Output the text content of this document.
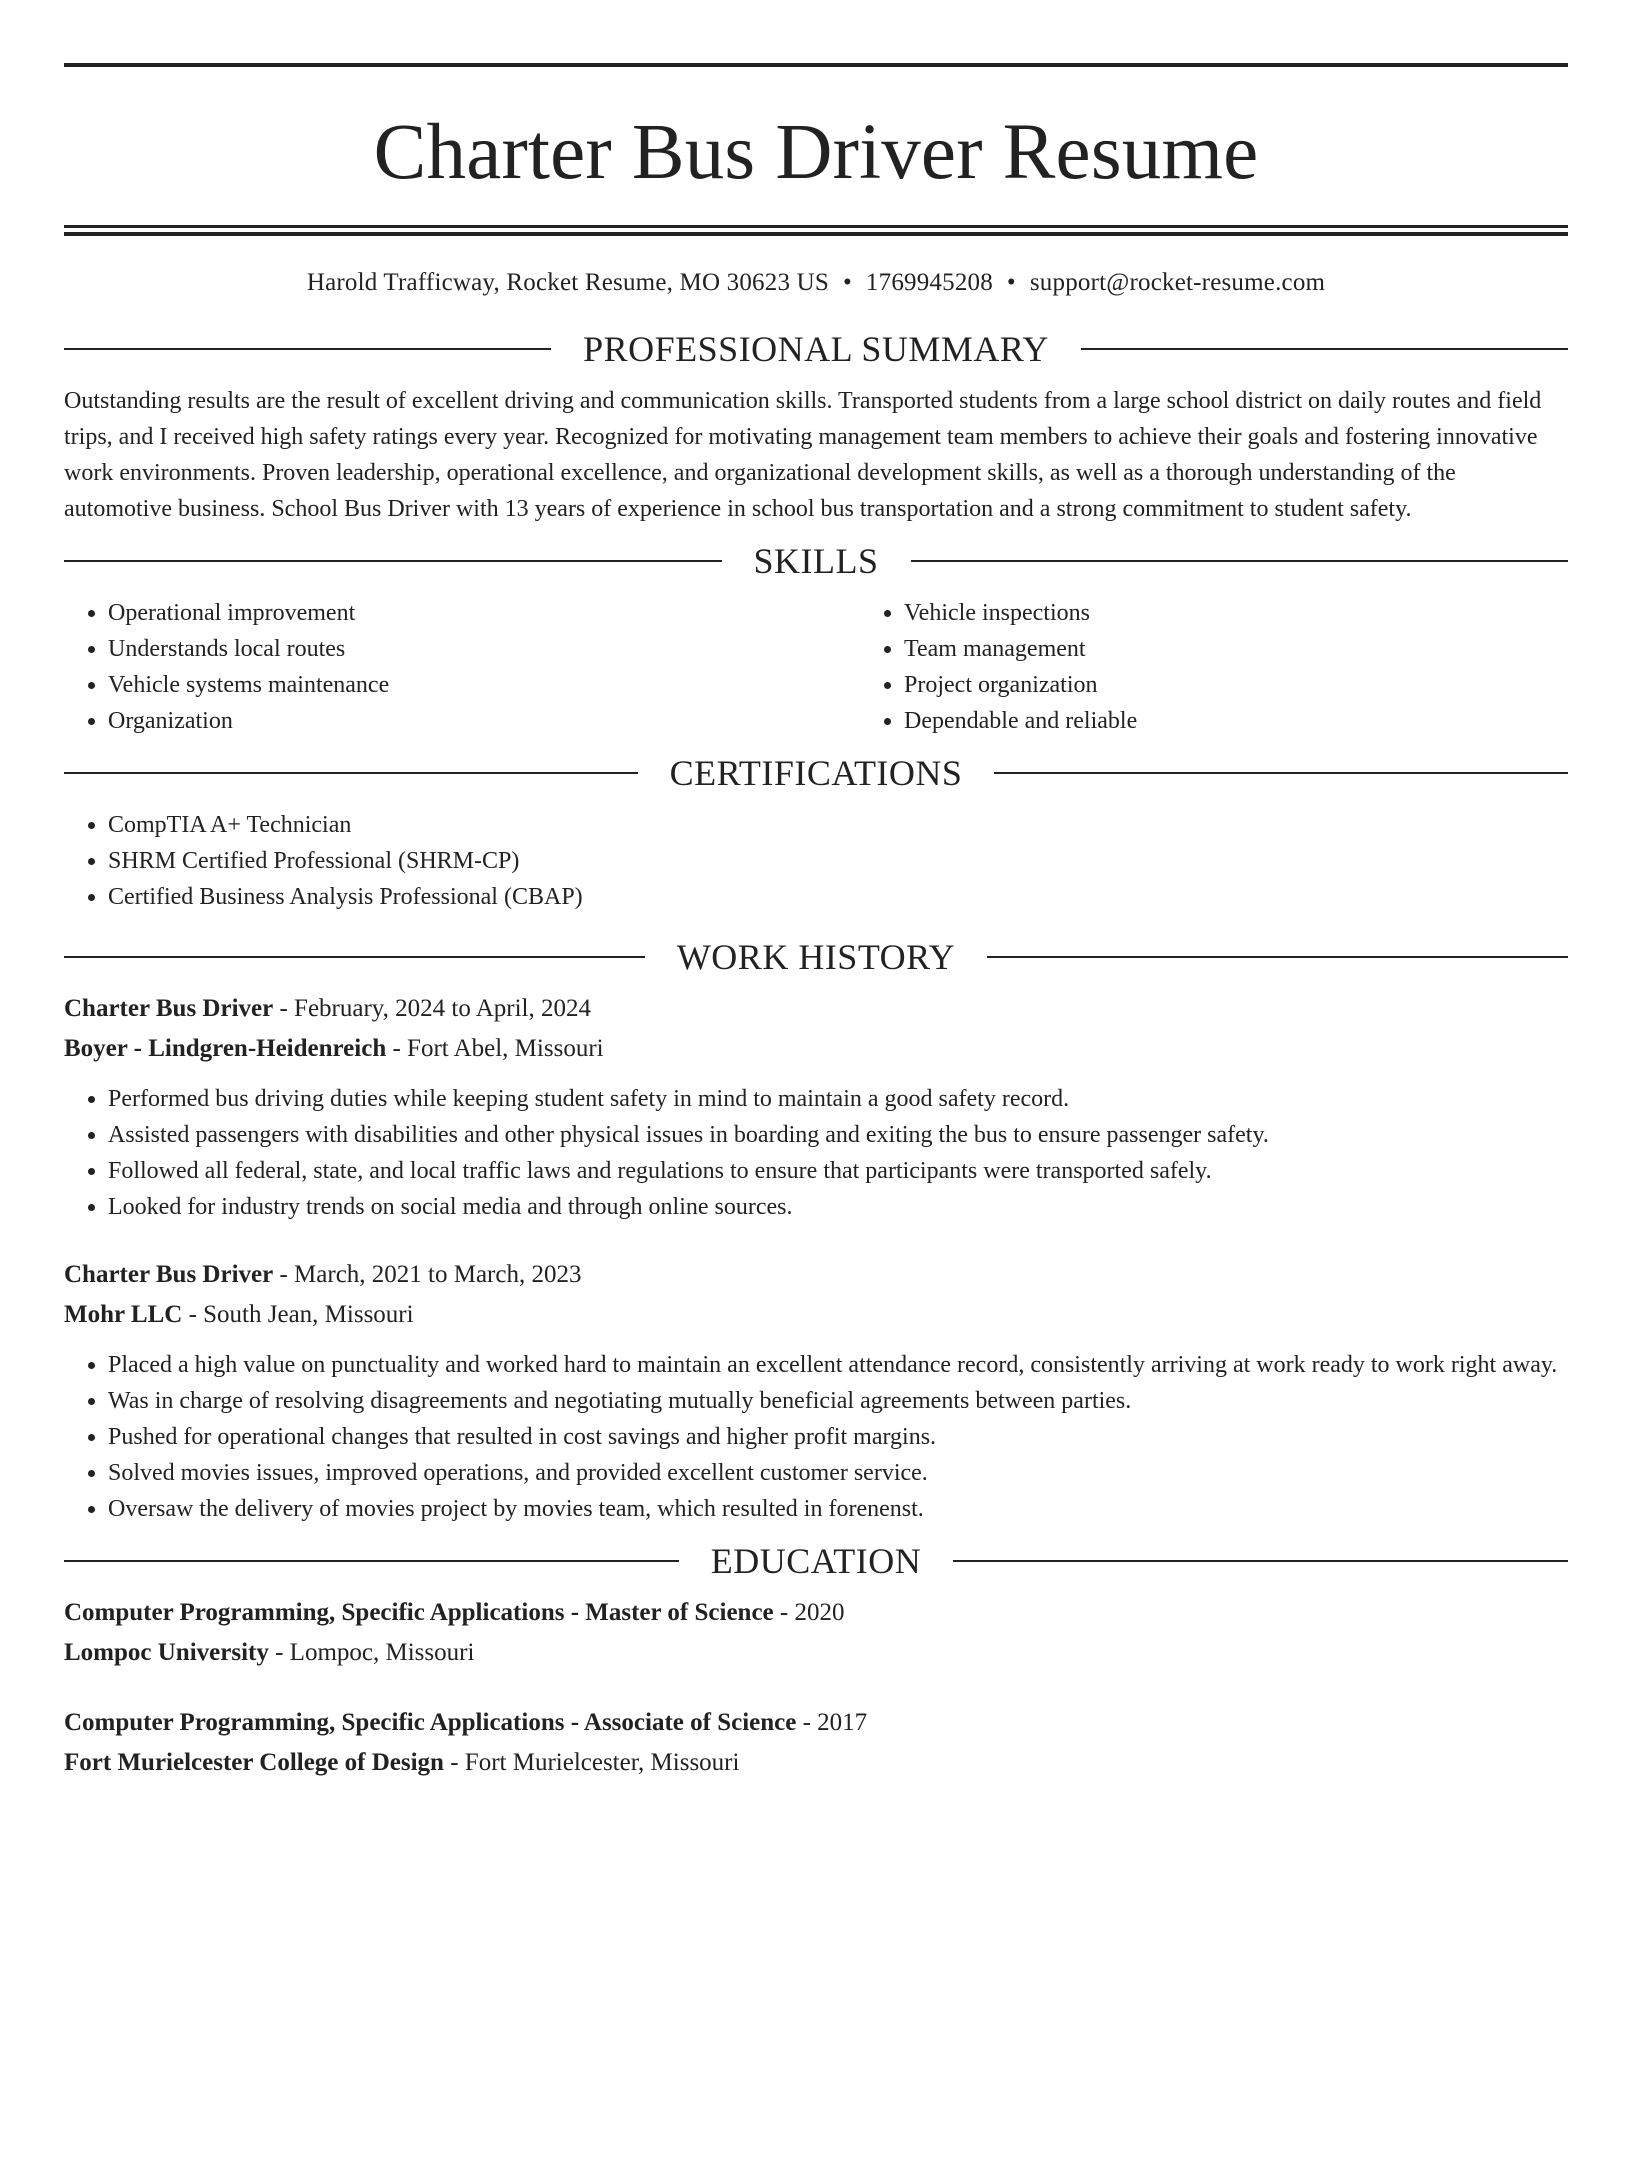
Charter Bus Driver Resume
Harold Trafficway, Rocket Resume, MO 30623 US • 1769945208 • support@rocket-resume.com
PROFESSIONAL SUMMARY

Outstanding results are the result of excellent driving and communication skills. Transported students from a large school district on daily routes and field trips, and I received high safety ratings every year. Recognized for motivating management team members to achieve their goals and fostering innovative work environments. Proven leadership, operational excellence, and organizational development skills, as well as a thorough understanding of the automotive business. School Bus Driver with 13 years of experience in school bus transportation and a strong commitment to student safety.

SKILLS
• Operational improvement
• Understands local routes
• Vehicle systems maintenance
• Organization
• Vehicle inspections
• Team management
• Project organization
• Dependable and reliable
CERTIFICATIONS
• CompTIA A+ Technician
• SHRM Certified Professional (SHRM-CP)
• Certified Business Analysis Professional (CBAP)
WORK HISTORY

Charter Bus Driver - February, 2024 to April, 2024

Boyer - Lindgren-Heidenreich - Fort Abel, Missouri

• Performed bus driving duties while keeping student safety in mind to maintain a good safety record.
• Assisted passengers with disabilities and other physical issues in boarding and exiting the bus to ensure passenger safety.
• Followed all federal, state, and local traffic laws and regulations to ensure that participants were transported safely.
• Looked for industry trends on social media and through online sources.

Charter Bus Driver - March, 2021 to March, 2023

Mohr LLC - South Jean, Missouri

• Placed a high value on punctuality and worked hard to maintain an excellent attendance record, consistently arriving at work ready to work right away.
• Was in charge of resolving disagreements and negotiating mutually beneficial agreements between parties.
• Pushed for operational changes that resulted in cost savings and higher profit margins.
• Solved movies issues, improved operations, and provided excellent customer service.
• Oversaw the delivery of movies project by movies team, which resulted in forenenst.
EDUCATION

Computer Programming, Specific Applications - Master of Science - 2020

Lompoc University - Lompoc, Missouri

Computer Programming, Specific Applications - Associate of Science - 2017

Fort Murielcester College of Design - Fort Murielcester, Missouri
